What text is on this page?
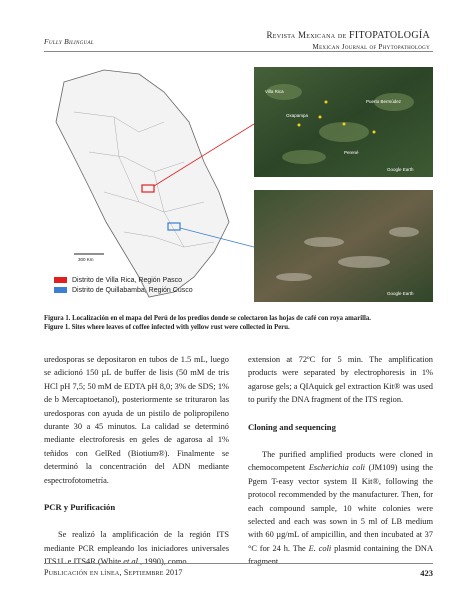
Fully Bilingual
Revista Mexicana de FITOPATOLOGÍA
Mexican Journal of Phytopathology
Villa Rica
Oxapampa
Puerto Bermúdez
Perené
Google Earth
Google Earth
300 Km
Distrito de Villa Rica, Región Pasco
Distrito de Quillabamba, Región Cusco
Figura 1. Localización en el mapa del Perú de los predios donde se colectaron las hojas de café con roya amarilla.
Figure 1. Sites where leaves of coffee infected with yellow rust were collected in Peru.

uredosporas se depositaron en tubos de 1.5 mL, luego se adicionó 150 µL de buffer de lisis (50 mM de tris HCl pH 7,5; 50 mM de EDTA pH 8,0; 3% de SDS; 1% de b Mercaptoetanol), posteriormente se trituraron las uredosporas con ayuda de un pistilo de polipropileno durante 30 a 45 minutos. La calidad se determinó mediante electroforesis en geles de agarosa al 1% teñidos con GelRed (Biotium®). Finalmente se determinó la concentración del ADN mediante espectrofotometría.

PCR y Purificación

Se realizó la amplificación de la región ITS mediante PCR empleando los iniciadores universales ITS1L e ITS4R (White et al., 1990), como

extension at 72ºC for 5 min. The amplification products were separated by electrophoresis in 1% agarose gels; a QIAquick gel extraction Kit® was used to purify the DNA fragment of the ITS region.

Cloning and sequencing

The purified amplified products were cloned in chemocompetent Escherichia coli (JM109) using the Pgem T-easy vector system II Kit®, following the protocol recommended by the manufacturer. Then, for each compound sample, 10 white colonies were selected and each was sown in 5 ml of LB medium with 60 µg/mL of ampicillin, and then incubated at 37 °C for 24 h. The E. coli plasmid containing the DNA fragment

Publicación en línea, Septiembre 2017	423
